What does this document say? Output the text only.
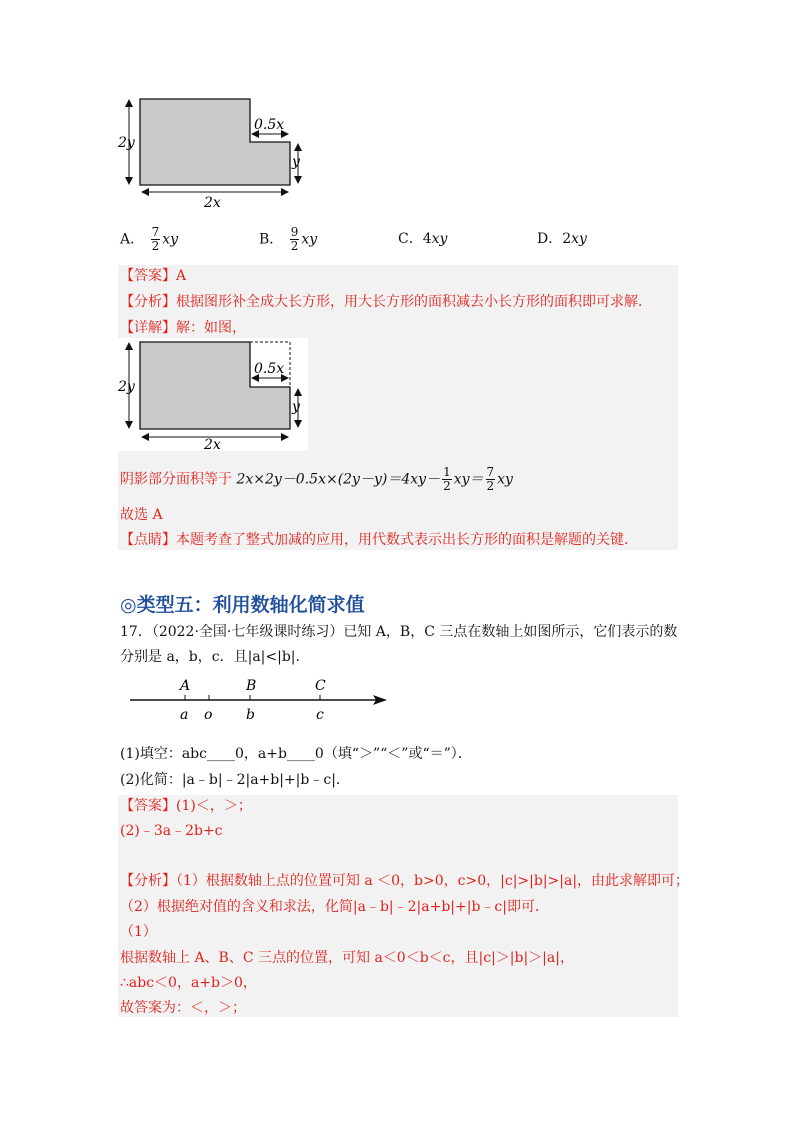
2y
0.5x
y
2x
A． $\frac{7}{2}$ xy	B． $\frac{9}{2}$ xy	C．4xy	D．2xy
【答案】A
【分析】根据图形补全成大长方形，用大长方形的面积减去小长方形的面积即可求解．
【详解】解：如图，
2y
0.5x
y
2x
阴影部分面积等于 $2x\times 2y-0.5x\times(2y-y)=4xy- \frac{1}{2} xy= \frac{7}{2}$ xy
故选 A
【点睛】本题考查了整式加减的应用，用代数式表示出长方形的面积是解题的关键．
◎类型五：利用数轴化简求值
17．（2022·全国·七年级课时练习）已知 A，B，C 三点在数轴上如图所示，它们表示的数
分别是 a，b，c．且|a|<|b|.
A	B	C
a o b	c
(1)填空：abc____0，a+b____0（填“＞”“＜”或“＝”）．
(2)化简：|a﹣b|﹣2|a+b|+|b﹣c|.
【答案】(1)＜，＞；
(2)﹣3a﹣2b+c
【分析】（1）根据数轴上点的位置可知 a ＜0，b>0，c>0，|c|>|b|>|a|，由此求解即可；
（2）根据绝对值的含义和求法，化简|a﹣b|﹣2|a+b|+|b﹣c|即可．
（1）
根据数轴上 A、B、C 三点的位置，可知 a＜0＜b＜c，且|c|＞|b|＞|a|，
∴abc＜0，a+b＞0，
故答案为：＜，＞；
